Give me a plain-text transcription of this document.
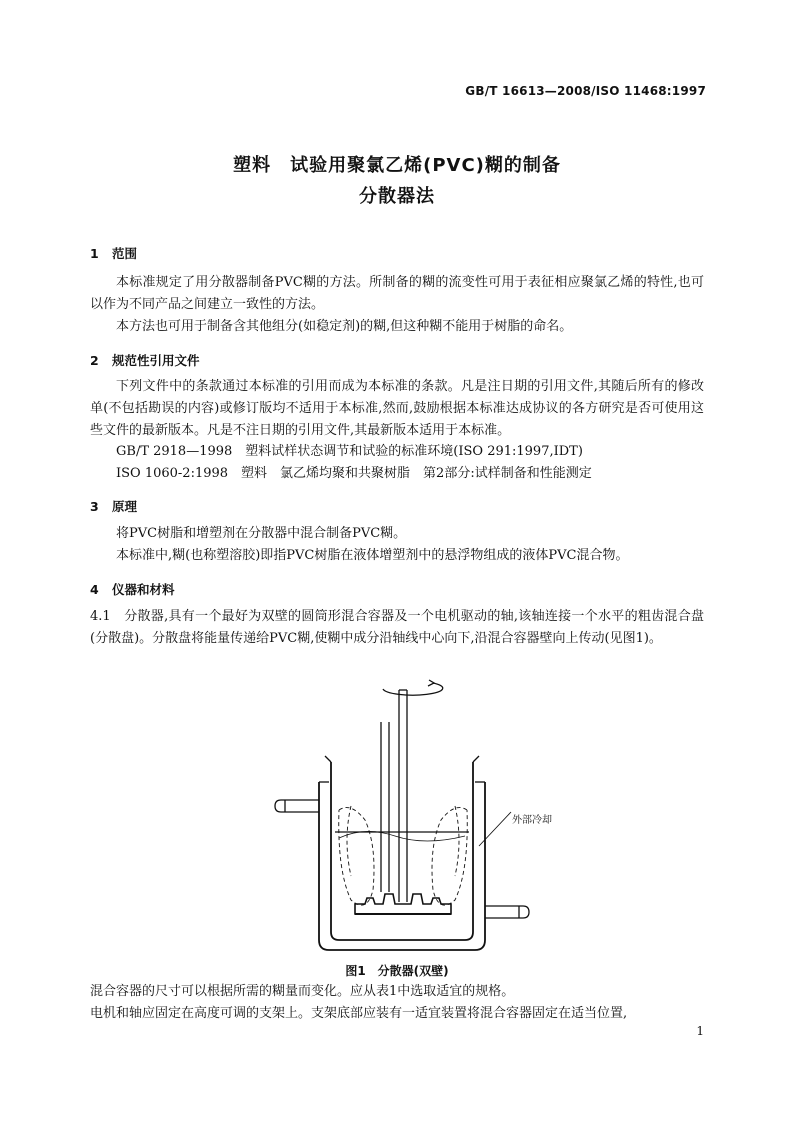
GB/T 16613—2008/ISO 11468:1997
塑料　试验用聚氯乙烯(PVC)糊的制备
分散器法
1 范围
本标准规定了用分散器制备PVC糊的方法。所制备的糊的流变性可用于表征相应聚氯乙烯的特性,也可以作为不同产品之间建立一致性的方法。
本方法也可用于制备含其他组分(如稳定剂)的糊,但这种糊不能用于树脂的命名。
2 规范性引用文件
下列文件中的条款通过本标准的引用而成为本标准的条款。凡是注日期的引用文件,其随后所有的修改单(不包括勘误的内容)或修订版均不适用于本标准,然而,鼓励根据本标准达成协议的各方研究是否可使用这些文件的最新版本。凡是不注日期的引用文件,其最新版本适用于本标准。
GB/T 2918—1998　塑料试样状态调节和试验的标准环境(ISO 291:1997,IDT)
ISO 1060-2:1998　塑料　氯乙烯均聚和共聚树脂　第2部分:试样制备和性能测定
3 原理
将PVC树脂和增塑剂在分散器中混合制备PVC糊。
本标准中,糊(也称塑溶胶)即指PVC树脂在液体增塑剂中的悬浮物组成的液体PVC混合物。
4 仪器和材料
4.1　分散器,具有一个最好为双壁的圆筒形混合容器及一个电机驱动的轴,该轴连接一个水平的粗齿混合盘(分散盘)。分散盘将能量传递给PVC糊,使糊中成分沿轴线中心向下,沿混合容器壁向上传动(见图1)。
外部冷却
图1　分散器(双壁)
混合容器的尺寸可以根据所需的糊量而变化。应从表1中选取适宜的规格。
电机和轴应固定在高度可调的支架上。支架底部应装有一适宜装置将混合容器固定在适当位置,
1
